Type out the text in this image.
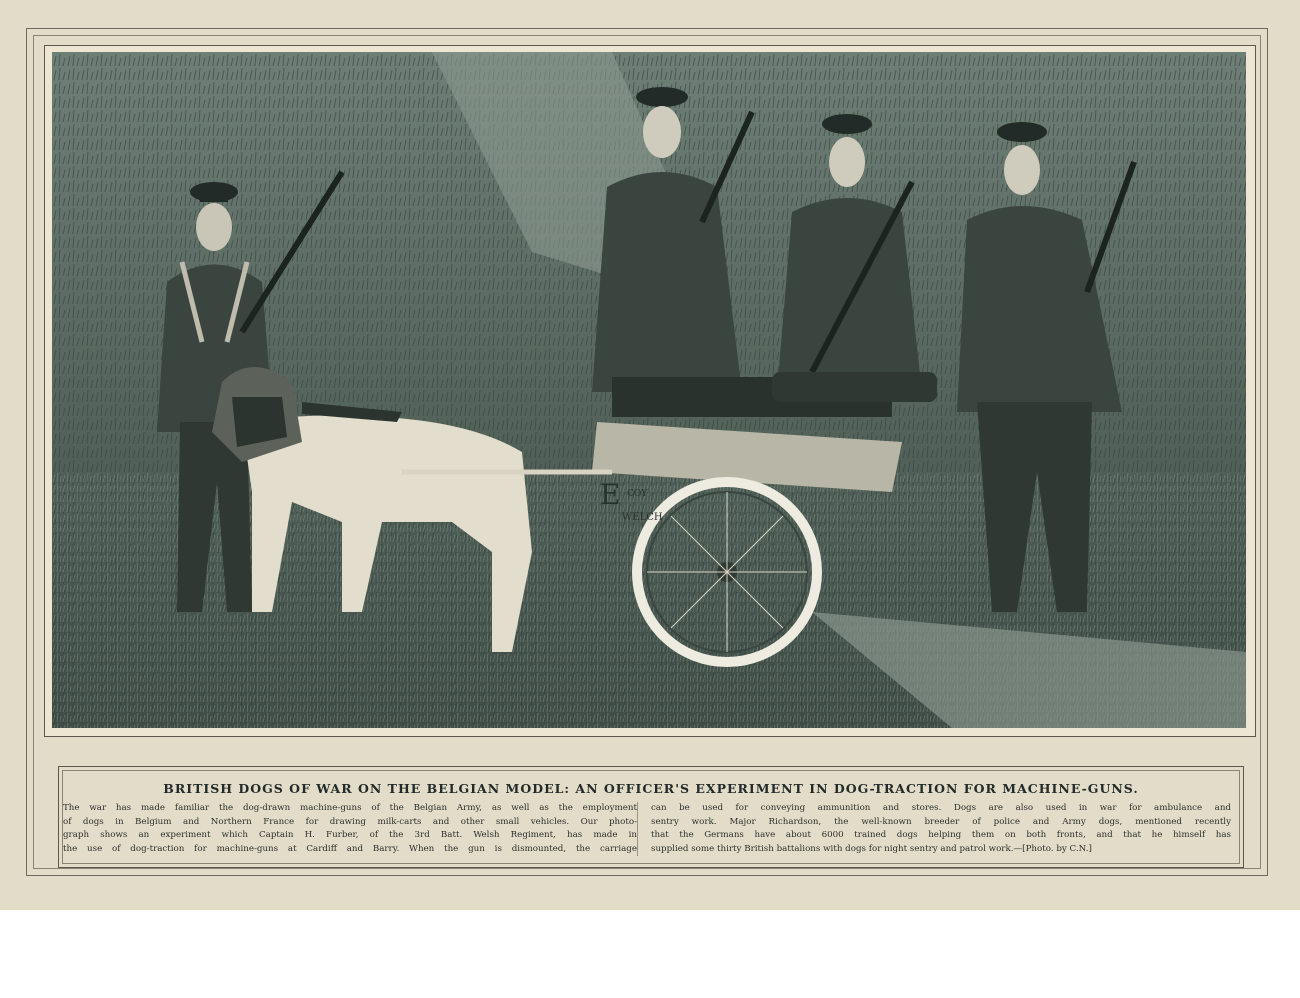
E COY
WELCH
BRITISH DOGS OF WAR ON THE BELGIAN MODEL: AN OFFICER'S EXPERIMENT IN DOG-TRACTION FOR MACHINE-GUNS.
The war has made familiar the dog-drawn machine-guns of the Belgian Army, as well as the employment
of dogs in Belgium and Northern France for drawing milk-carts and other small vehicles. Our photo-
graph shows an experiment which Captain H. Furber, of the 3rd Batt. Welsh Regiment, has made in
the use of dog-traction for machine-guns at Cardiff and Barry. When the gun is dismounted, the carriage
can be used for conveying ammunition and stores. Dogs are also used in war for ambulance and
sentry work. Major Richardson, the well-known breeder of police and Army dogs, mentioned recently
that the Germans have about 6000 trained dogs helping them on both fronts, and that he himself has
supplied some thirty British battalions with dogs for night sentry and patrol work.—[Photo. by C.N.]
